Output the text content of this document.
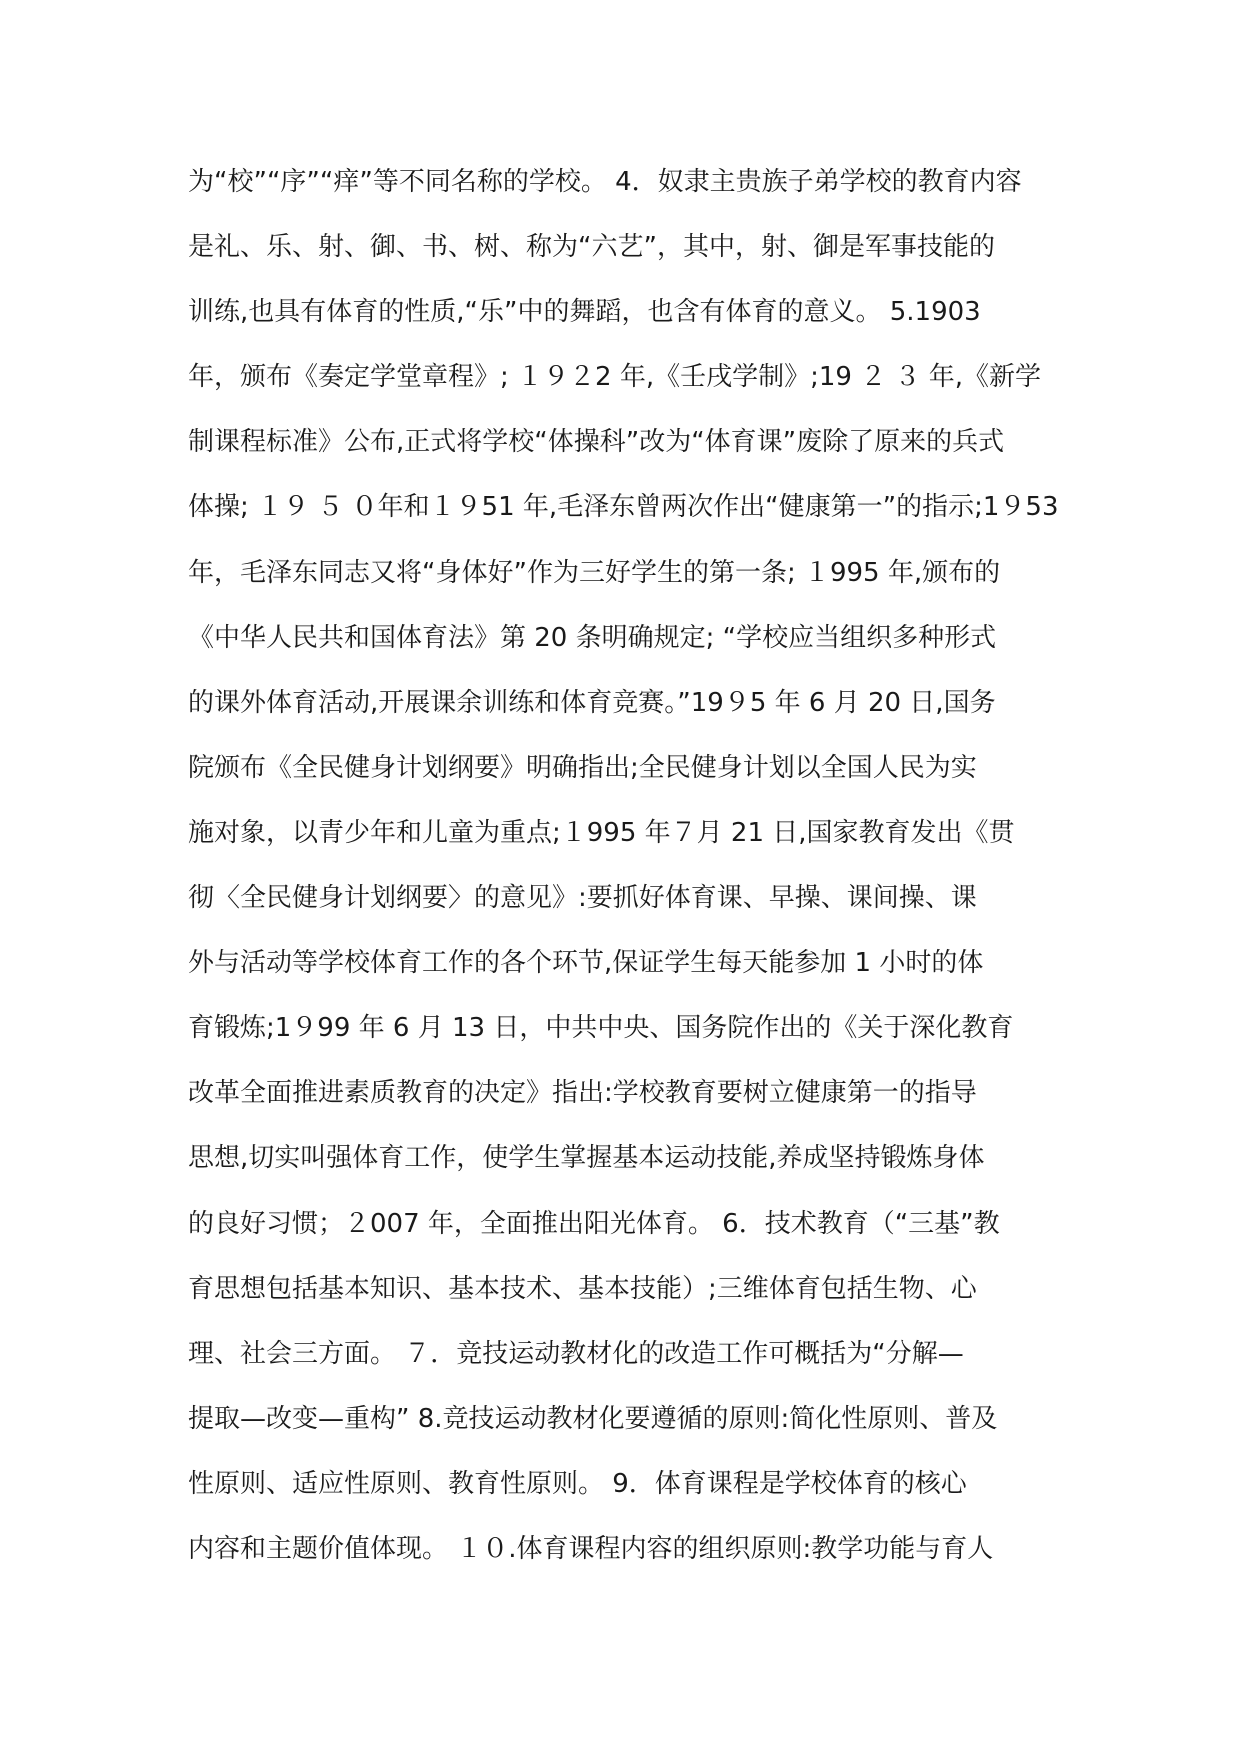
为“校”“序”“痒”等不同名称的学校。 4．奴隶主贵族子弟学校的教育内容
是礼、乐、射、御、书、树、称为“六艺”，其中，射、御是军事技能的
训练,也具有体育的性质,“乐”中的舞蹈，也含有体育的意义。 5.1903
年，颁布《奏定学堂章程》; １９２2 年,《壬戌学制》;19 ２ ３ 年,《新学
制课程标准》公布,正式将学校“体操科”改为“体育课”废除了原来的兵式
体操; １９ ５ ０年和１９51 年,毛泽东曾两次作出“健康第一”的指示;1９53
年，毛泽东同志又将“身体好”作为三好学生的第一条; １995 年,颁布的
《中华人民共和国体育法》第 20 条明确规定; “学校应当组织多种形式
的课外体育活动,开展课余训练和体育竞赛。”19９5 年 6 月 20 日,国务
院颁布《全民健身计划纲要》明确指出;全民健身计划以全国人民为实
施对象，以青少年和儿童为重点;１995 年７月 21 日,国家教育发出《贯
彻〈全民健身计划纲要〉的意见》:要抓好体育课、早操、课间操、课
外与活动等学校体育工作的各个环节,保证学生每天能参加 1 小时的体
育锻炼;1９99 年 6 月 13 日，中共中央、国务院作出的《关于深化教育
改革全面推进素质教育的决定》指出:学校教育要树立健康第一的指导
思想,切实叫强体育工作，使学生掌握基本运动技能,养成坚持锻炼身体
的良好习惯；２007 年，全面推出阳光体育。 6．技术教育（“三基”教
育思想包括基本知识、基本技术、基本技能）;三维体育包括生物、心
理、社会三方面。 ７．竞技运动教材化的改造工作可概括为“分解—
提取—改变—重构” 8.竞技运动教材化要遵循的原则:简化性原则、普及
性原则、适应性原则、教育性原则。 9．体育课程是学校体育的核心
内容和主题价值体现。 １０.体育课程内容的组织原则:教学功能与育人
